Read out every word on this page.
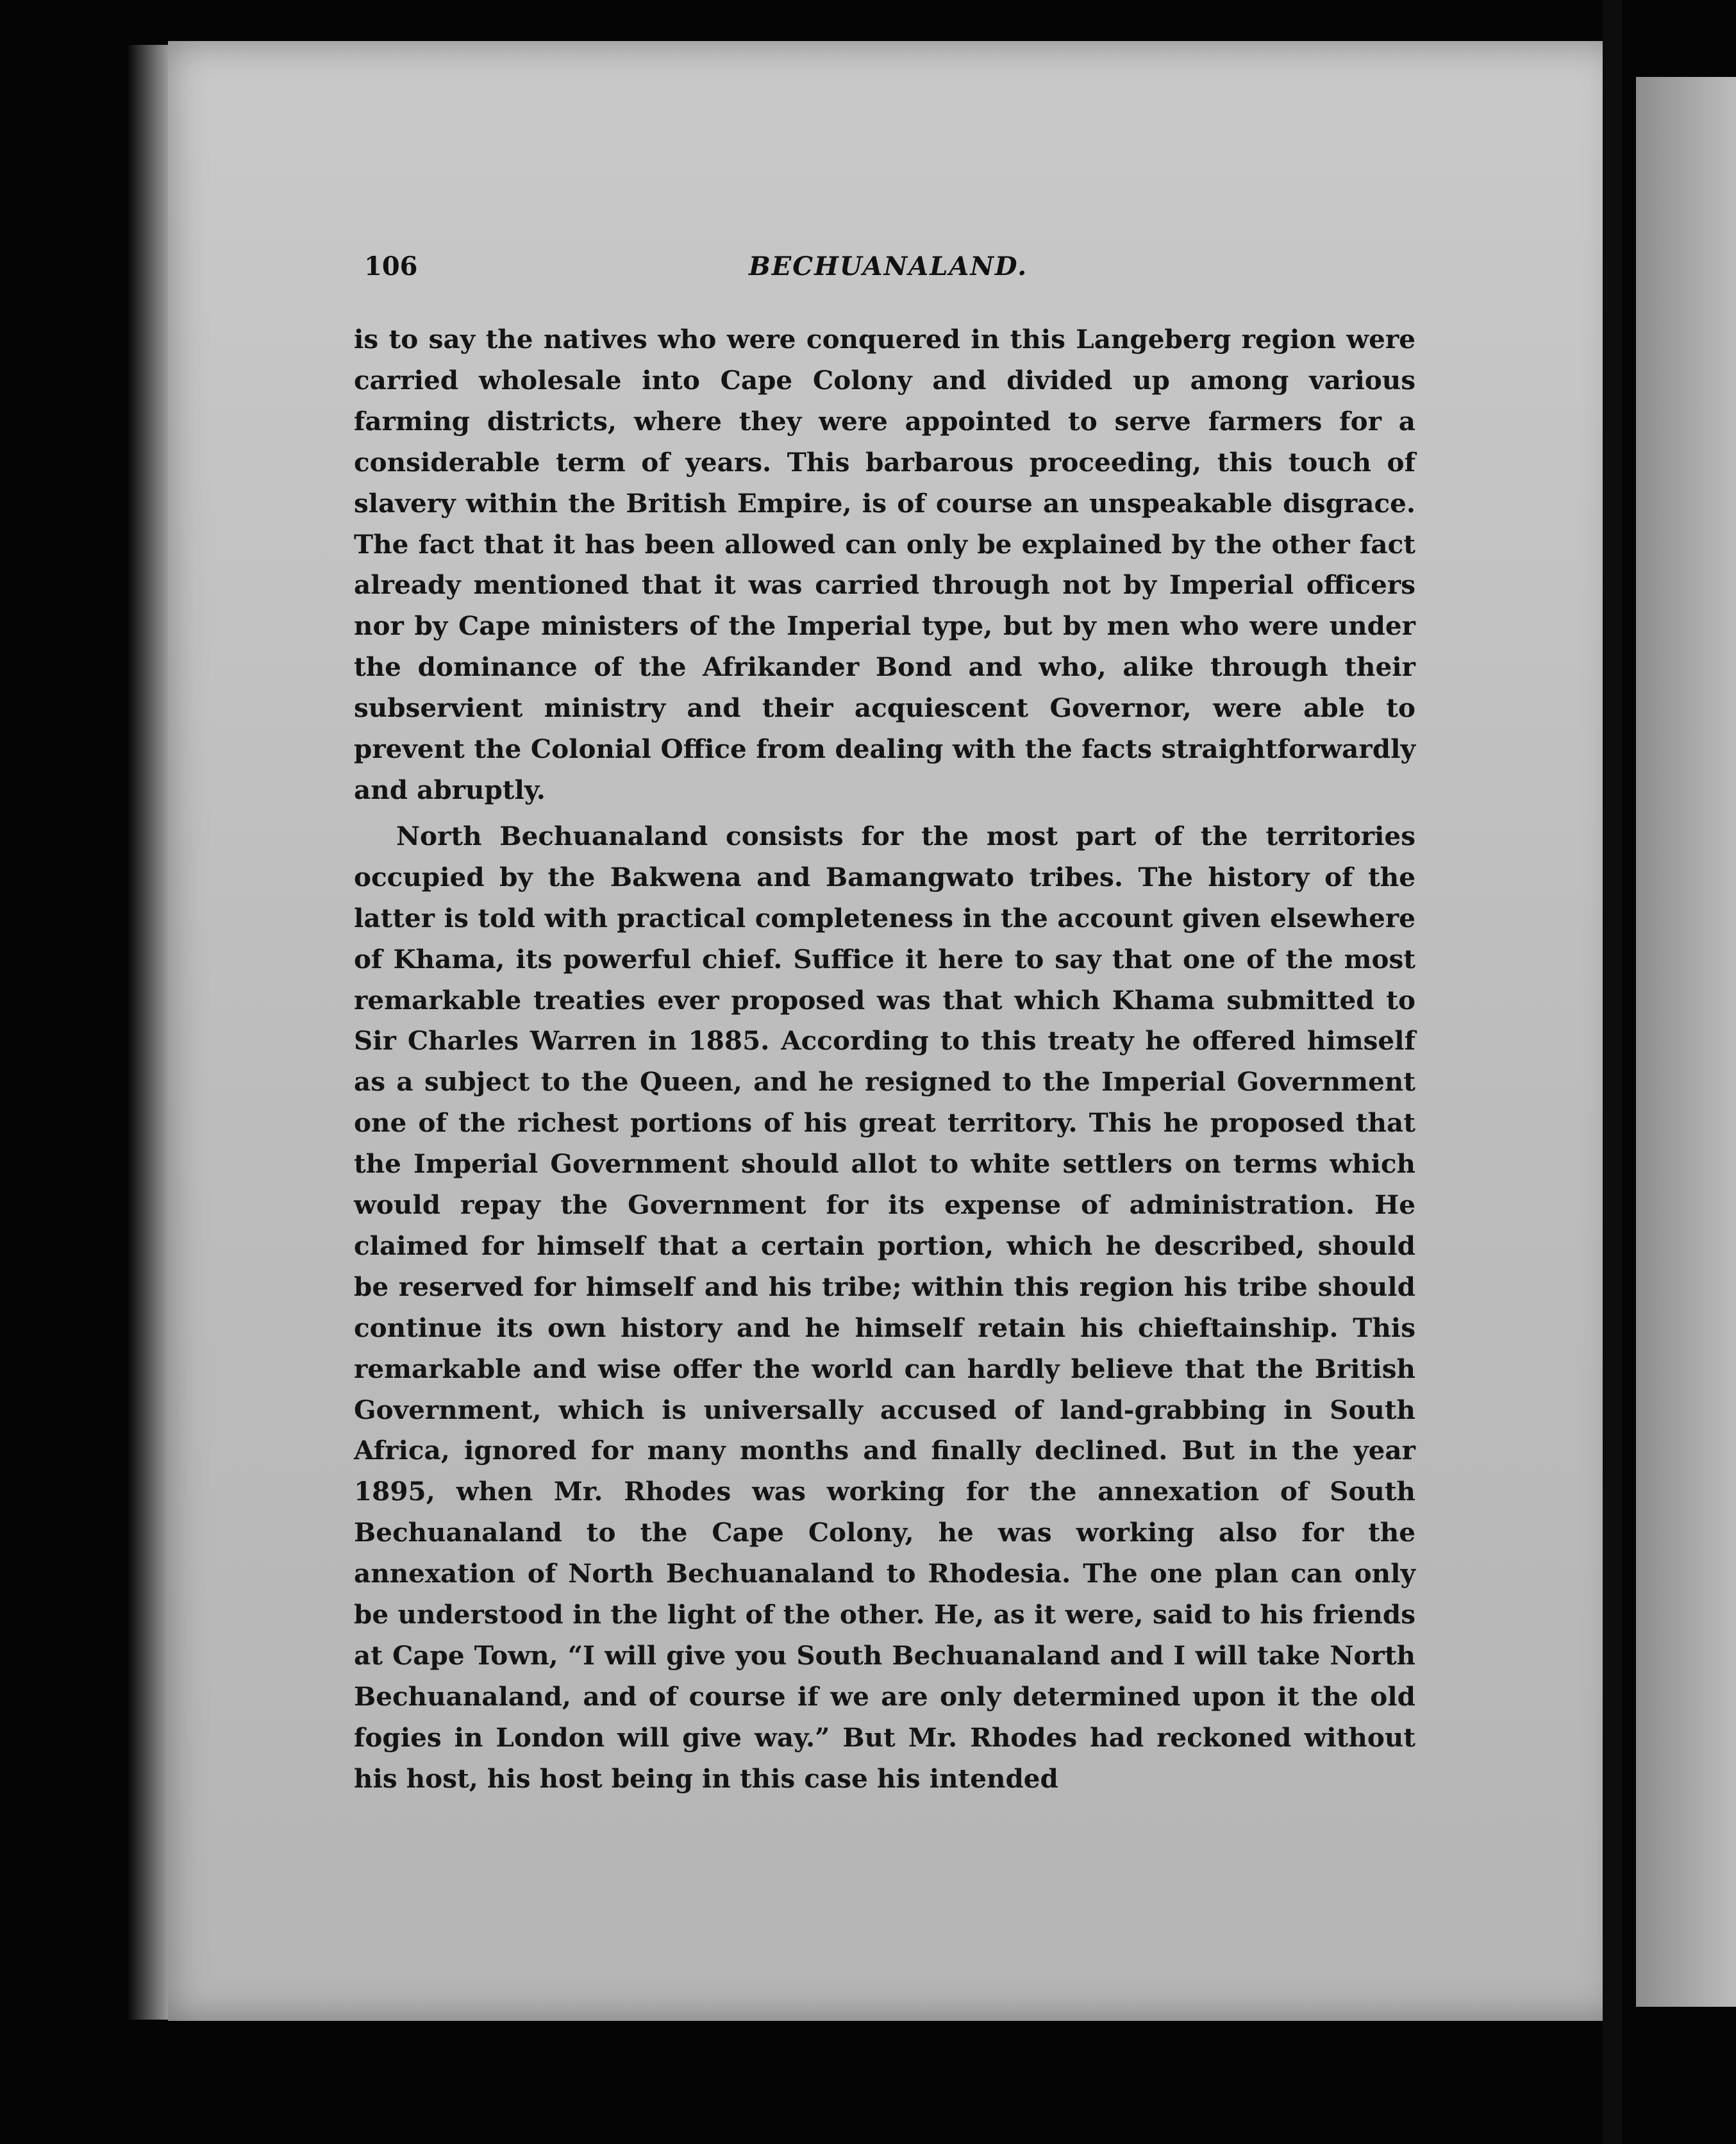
106	BECHUANALAND.

is to say the natives who were conquered in this Langeberg region were carried wholesale into Cape Colony and divided up among various farming districts, where they were appointed to serve farmers for a considerable term of years. This barbarous proceeding, this touch of slavery within the British Empire, is of course an unspeakable disgrace. The fact that it has been allowed can only be explained by the other fact already mentioned that it was carried through not by Imperial officers nor by Cape ministers of the Imperial type, but by men who were under the dominance of the Afrikander Bond and who, alike through their subservient ministry and their acquiescent Governor, were able to prevent the Colonial Office from dealing with the facts straightforwardly and abruptly.

North Bechuanaland consists for the most part of the territories occupied by the Bakwena and Bamangwato tribes. The history of the latter is told with practical completeness in the account given elsewhere of Khama, its powerful chief. Suffice it here to say that one of the most remarkable treaties ever proposed was that which Khama submitted to Sir Charles Warren in 1885. According to this treaty he offered himself as a subject to the Queen, and he resigned to the Imperial Government one of the richest portions of his great territory. This he proposed that the Imperial Government should allot to white settlers on terms which would repay the Government for its expense of administration. He claimed for himself that a certain portion, which he described, should be reserved for himself and his tribe; within this region his tribe should continue its own history and he himself retain his chieftainship. This remarkable and wise offer the world can hardly believe that the British Government, which is universally accused of land-grabbing in South Africa, ignored for many months and finally declined. But in the year 1895, when Mr. Rhodes was working for the annexation of South Bechuanaland to the Cape Colony, he was working also for the annexation of North Bechuanaland to Rhodesia. The one plan can only be understood in the light of the other. He, as it were, said to his friends at Cape Town, “I will give you South Bechuanaland and I will take North Bechuanaland, and of course if we are only determined upon it the old fogies in London will give way.” But Mr. Rhodes had reckoned without his host, his host being in this case his intended
